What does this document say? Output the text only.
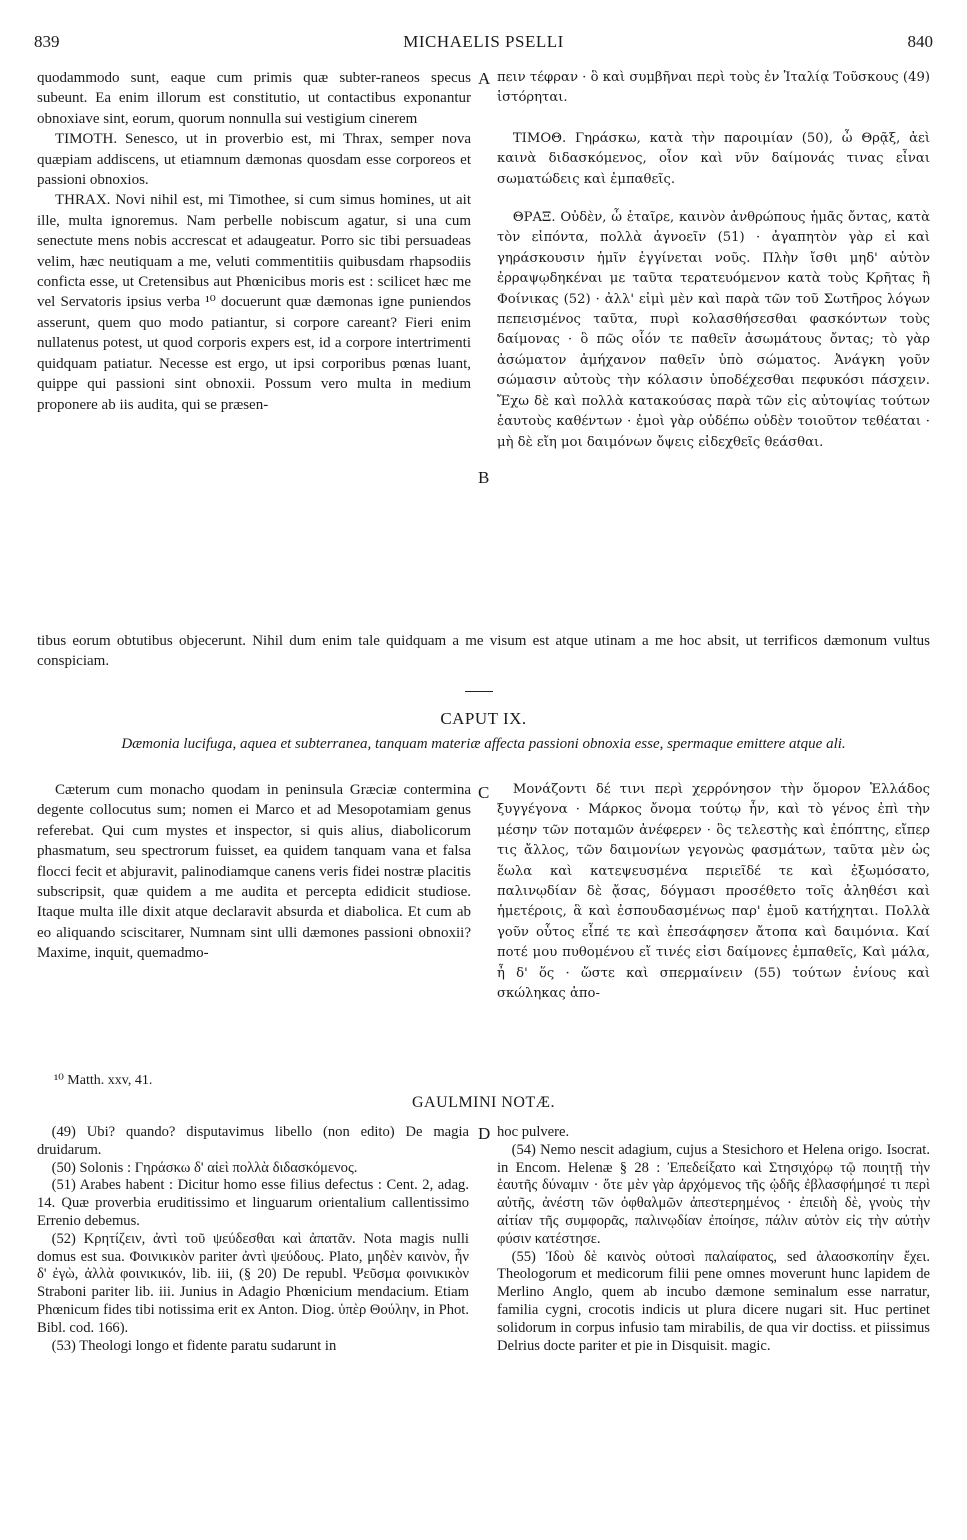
839	MICHAELIS PSELLI	840

quodammodo sunt, eaque cum primis quæ subter-raneos specus subeunt. Ea enim illorum est constitutio, ut contactibus exponantur obnoxiave sint, eorum, quorum nonnulla sui vestigium cinerem

TIMOTH. Senesco, ut in proverbio est, mi Thrax, semper nova quæpiam addiscens, ut etiamnum dæmonas quosdam esse corporeos et passioni obnoxios.

THRAX. Novi nihil est, mi Timothee, si cum simus homines, ut ait ille, multa ignoremus. Nam perbelle nobiscum agatur, si una cum senectute mens nobis accrescat et adaugeatur. Porro sic tibi persuadeas velim, hæc neutiquam a me, veluti commentitiis quibusdam rhapsodiis conficta esse, ut Cretensibus aut Phœnicibus moris est : scilicet hæc me vel Servatoris ipsius verba ¹⁰ docuerunt quæ dæmonas igne puniendos asserunt, quem quo modo patiantur, si corpore careant? Fieri enim nullatenus potest, ut quod corporis expers est, id a corpore intertrimenti quidquam patiatur. Necesse est ergo, ut ipsi corporibus pœnas luant, quippe qui passioni sint obnoxii. Possum vero multa in medium proponere ab iis audita, qui se præsen-

A
B

πειν τέφραν · ὃ καὶ συμβῆναι περὶ τοὺς ἐν Ἰταλίᾳ Τοῦσκους (49) ἱστόρηται.

TIMOΘ. Γηράσκω, κατὰ τὴν παροιμίαν (50), ὦ Θρᾷξ, ἀεὶ καινὰ διδασκόμενος, οἷον καὶ νῦν δαίμονάς τινας εἶναι σωματώδεις καὶ ἐμπαθεῖς.

ΘΡΑΞ. Οὐδὲν, ὦ ἑταῖρε, καινὸν ἀνθρώπους ἡμᾶς ὄντας, κατὰ τὸν εἰπόντα, πολλὰ ἀγνοεῖν (51) · ἀγαπητὸν γὰρ εἰ καὶ γηράσκουσιν ἡμῖν ἐγγίνεται νοῦς. Πλὴν ἴσθι μηδ' αὐτὸν ἐρραψῳδηκέναι με ταῦτα τερατευόμενον κατὰ τοὺς Κρῆτας ἢ Φοίνικας (52) · ἀλλ' εἰμὶ μὲν καὶ παρὰ τῶν τοῦ Σωτῆρος λόγων πεπεισμένος ταῦτα, πυρὶ κολασθήσεσθαι φασκόντων τοὺς δαίμονας · ὃ πῶς οἷόν τε παθεῖν ἀσωμάτους ὄντας; τὸ γὰρ ἀσώματον ἀμήχανον παθεῖν ὑπὸ σώματος. Ἀνάγκη γοῦν σώμασιν αὐτοὺς τὴν κόλασιν ὑποδέχεσθαι πεφυκόσι πάσχειν. Ἔχω δὲ καὶ πολλὰ κατακούσας παρὰ τῶν εἰς αὐτοψίας τούτων ἑαυτοὺς καθέντων · ἐμοὶ γὰρ οὐδέπω οὐδὲν τοιοῦτον τεθέαται · μὴ δὲ εἴη μοι δαιμόνων ὄψεις εἰδεχθεῖς θεάσθαι.

tibus eorum obtutibus objecerunt. Nihil dum enim tale quidquam a me visum est atque utinam a me hoc absit, ut terrificos dæmonum vultus conspiciam.

CAPUT IX.
Dæmonia lucifuga, aquea et subterranea, tanquam materiæ affecta passioni obnoxia esse, spermaque emittere atque ali.
C

Cæterum cum monacho quodam in peninsula Græciæ contermina degente collocutus sum; nomen ei Marco et ad Mesopotamiam genus referebat. Qui cum mystes et inspector, si quis alius, diabolicorum phasmatum, seu spectrorum fuisset, ea quidem tanquam vana et falsa flocci fecit et abjuravit, palinodiamque canens veris fidei nostræ placitis subscripsit, quæ quidem a me audita et percepta edidicit studiose. Itaque multa ille dixit atque declaravit absurda et diabolica. Et cum ab eo aliquando sciscitarer, Numnam sint ulli dæmones passioni obnoxii? Maxime, inquit, quemadmo-

Μονάζοντι δέ τινι περὶ χερρόνησον τὴν ὅμορον Ἑλλάδος ξυγγέγονα · Μάρκος ὄνομα τούτῳ ἦν, καὶ τὸ γένος ἐπὶ τὴν μέσην τῶν ποταμῶν ἀνέφερεν · ὃς τελεστὴς καὶ ἐπόπτης, εἴπερ τις ἄλλος, τῶν δαιμονίων γεγονὼς φασμάτων, ταῦτα μὲν ὡς ἕωλα καὶ κατεψευσμένα περιεῖδέ τε καὶ ἐξωμόσατο, παλινῳδίαν δὲ ᾄσας, δόγμασι προσέθετο τοῖς ἀληθέσι καὶ ἡμετέροις, ἃ καὶ ἐσπουδασμένως παρ' ἐμοῦ κατήχηται. Πολλὰ γοῦν οὗτος εἶπέ τε καὶ ἐπεσάφησεν ἄτοπα καὶ δαιμόνια. Καί ποτέ μου πυθομένου εἴ τινές εἰσι δαίμονες ἐμπαθεῖς, Καὶ μάλα, ἦ δ' ὅς · ὥστε καὶ σπερμαίνειν (55) τούτων ἐνίους καὶ σκώληκας ἀπο-

¹⁰ Matth. xxv, 41.
GAULMINI NOTÆ.
D

(49) Ubi? quando? disputavimus libello (non edito) De magia druidarum.

(50) Solonis : Γηράσκω δ' αἰεὶ πολλὰ διδασκόμενος.

(51) Arabes habent : Dicitur homo esse filius defectus : Cent. 2, adag. 14. Quæ proverbia eruditissimo et linguarum orientalium callentissimo Errenio debemus.

(52) Κρητίζειν, ἀντὶ τοῦ ψεύδεσθαι καὶ ἀπατᾶν. Nota magis nulli domus est sua. Φοινικικὸν pariter ἀντὶ ψεύδους. Plato, μηδὲν καινὸν, ἦν δ' ἐγὼ, ἀλλὰ φοινικικόν, lib. iii, (§ 20) De republ. Ψεῦσμα φοινικικὸν Straboni pariter lib. iii. Junius in Adagio Phœnicium mendacium. Etiam Phœnicum fides tibi notissima erit ex Anton. Diog. ὑπὲρ Θούλην, in Phot. Bibl. cod. 166).

(53) Theologi longo et fidente paratu sudarunt in

hoc pulvere.

(54) Nemo nescit adagium, cujus a Stesichoro et Helena origo. Isocrat. in Encom. Helenæ § 28 : Ἐπεδείξατο καὶ Στησιχόρῳ τῷ ποιητῇ τὴν ἑαυτῆς δύναμιν · ὅτε μὲν γὰρ ἀρχόμενος τῆς ᾠδῆς ἐβλασφήμησέ τι περὶ αὐτῆς, ἀνέστη τῶν ὀφθαλμῶν ἀπεστερημένος · ἐπειδὴ δὲ, γνοὺς τὴν αἰτίαν τῆς συμφορᾶς, παλινῳδίαν ἐποίησε, πάλιν αὐτὸν εἰς τὴν αὐτὴν φύσιν κατέστησε.

(55) Ἰδοὺ δὲ καινὸς οὑτοσὶ παλαίφατος, sed ἀλαοσκοπίην ἔχει. Theologorum et medicorum filii pene omnes moverunt hunc lapidem de Merlino Anglo, quem ab incubo dæmone seminalum esse narratur, familia cygni, crocotis indicis ut plura dicere nugari sit. Huc pertinet solidorum in corpus infusio tam mirabilis, de qua vir doctiss. et piissimus Delrius docte pariter et pie in Disquisit. magic.
